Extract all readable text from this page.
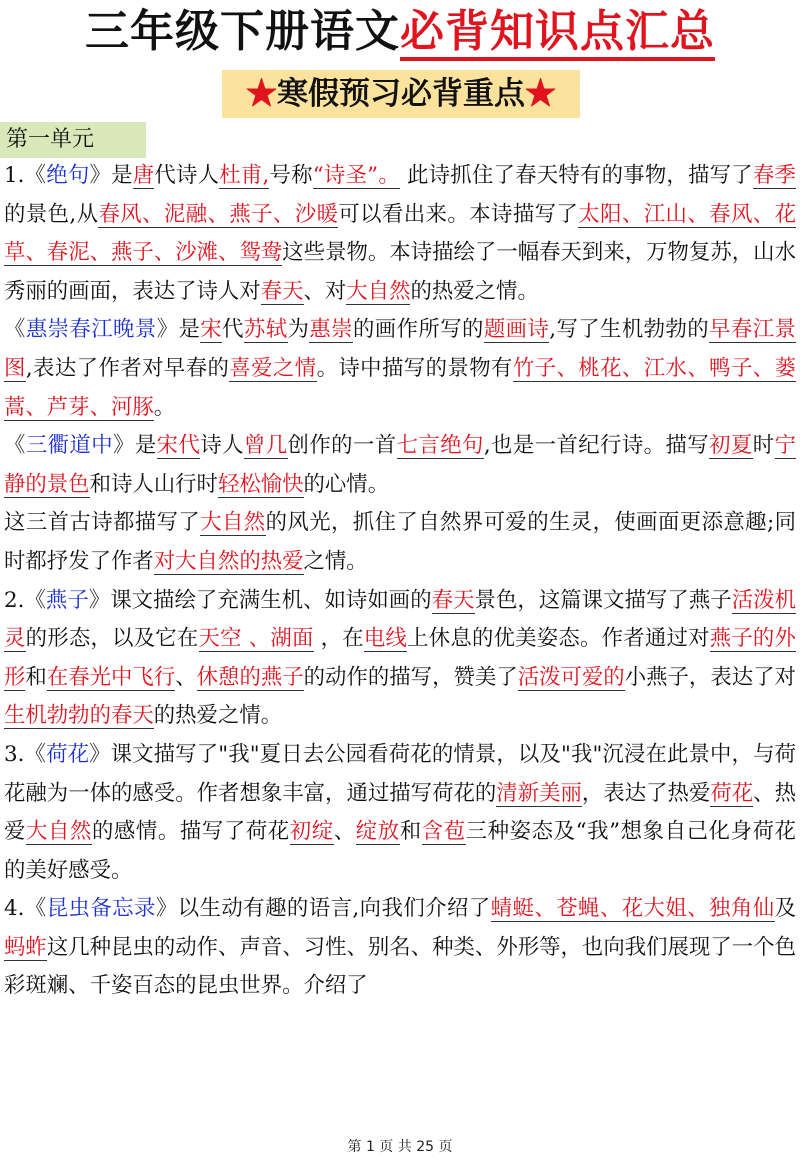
三年级下册语文必背知识点汇总
★寒假预习必背重点★
第一单元

1.《绝句》是唐代诗人杜甫,号称“诗圣”。 此诗抓住了春天特有的事物，描写了春季的景色,从春风、泥融、燕子、沙暖可以看出来。本诗描写了太阳、江山、春风、花草、春泥、燕子、沙滩、鸳鸯这些景物。本诗描绘了一幅春天到来，万物复苏，山水秀丽的画面，表达了诗人对春天、对大自然的热爱之情。

《惠崇春江晚景》是宋代苏轼为惠崇的画作所写的题画诗,写了生机勃勃的早春江景图,表达了作者对早春的喜爱之情。诗中描写的景物有竹子、桃花、江水、鸭子、蒌蒿、芦芽、河豚。

《三衢道中》是宋代诗人曾几创作的一首七言绝句,也是一首纪行诗。描写初夏时宁静的景色和诗人山行时轻松愉快的心情。

这三首古诗都描写了大自然的风光，抓住了自然界可爱的生灵，使画面更添意趣;同时都抒发了作者对大自然的热爱之情。

2.《燕子》课文描绘了充满生机、如诗如画的春天景色，这篇课文描写了燕子活泼机灵的形态，以及它在天空 、湖面 ，在电线上休息的优美姿态。作者通过对燕子的外形和在春光中飞行、休憩的燕子的动作的描写，赞美了活泼可爱的小燕子，表达了对生机勃勃的春天的热爱之情。

3.《荷花》课文描写了"我"夏日去公园看荷花的情景，以及"我"沉浸在此景中，与荷花融为一体的感受。作者想象丰富，通过描写荷花的清新美丽，表达了热爱荷花、热爱大自然的感情。描写了荷花初绽、绽放和含苞三种姿态及“我”想象自己化身荷花的美好感受。

4.《昆虫备忘录》以生动有趣的语言,向我们介绍了蜻蜓、苍蝇、花大姐、独角仙及蚂蚱这几种昆虫的动作、声音、习性、别名、种类、外形等，也向我们展现了一个色彩斑斓、千姿百态的昆虫世界。介绍了

第 1 页 共 25 页
